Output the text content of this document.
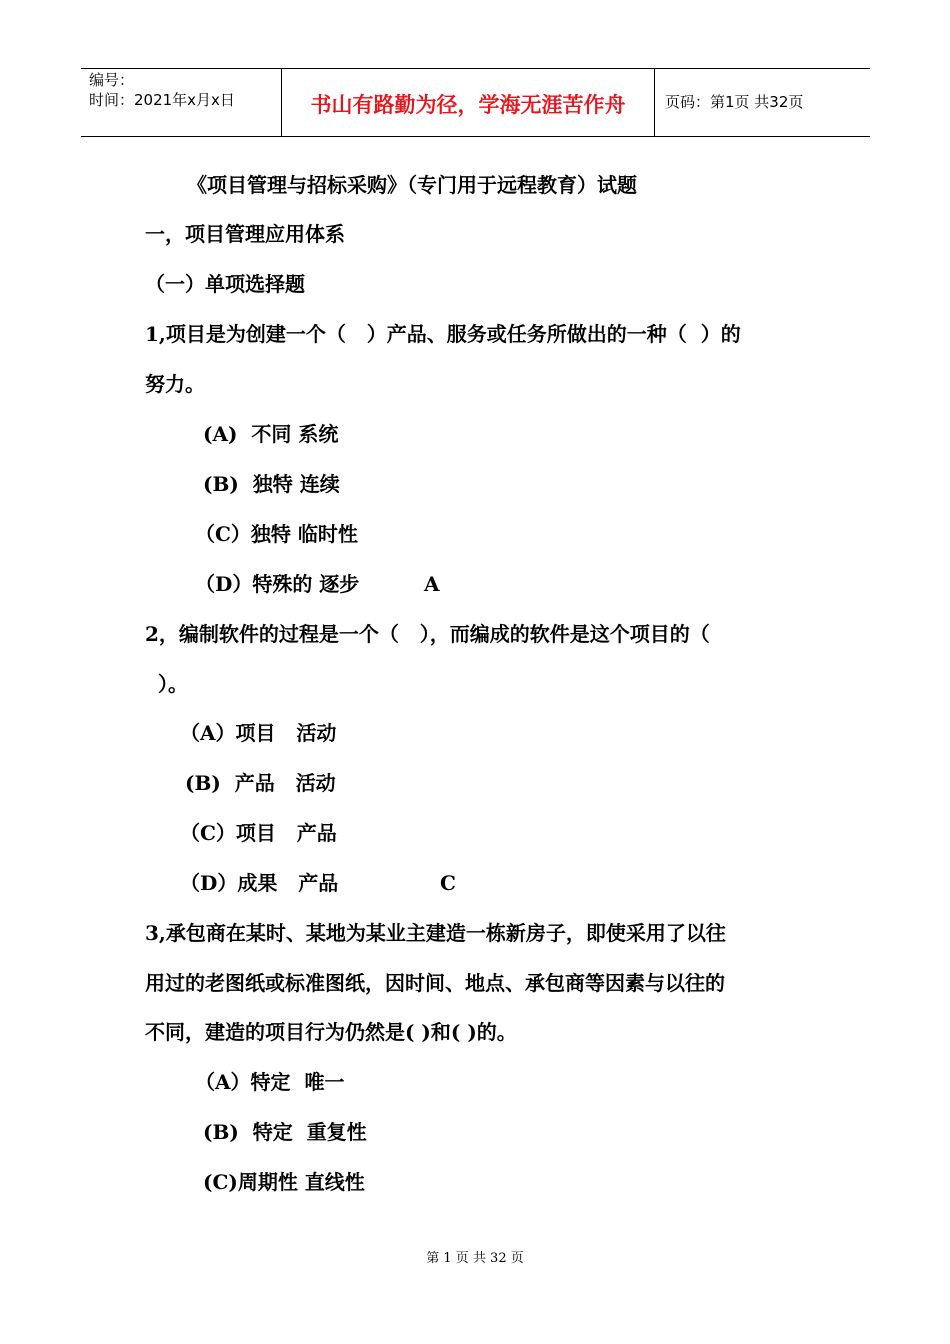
编号：
时间：2021年x月x日	书山有路勤为径，学海无涯苦作舟	页码：第1页 共32页
《项目管理与招标采购》（专门用于远程教育）试题
一，项目管理应用体系
（一）单项选择题
1,项目是为创建一个（   ）产品、服务或任务所做出的一种（  ）的
努力。
(A)  不同 系统
(B)  独特 连续
（C）独特 临时性
（D）特殊的 逐步	A
2，编制软件的过程是一个（   ），而编成的软件是这个项目的（
）。
（A）项目   活动
(B)  产品   活动
（C）项目   产品
（D）成果   产品	C
3,承包商在某时、某地为某业主建造一栋新房子，即使采用了以往
用过的老图纸或标准图纸，因时间、地点、承包商等因素与以往的
不同，建造的项目行为仍然是( )和( )的。
（A）特定  唯一
(B)  特定  重复性
(C)周期性 直线性
第 1 页 共 32 页
